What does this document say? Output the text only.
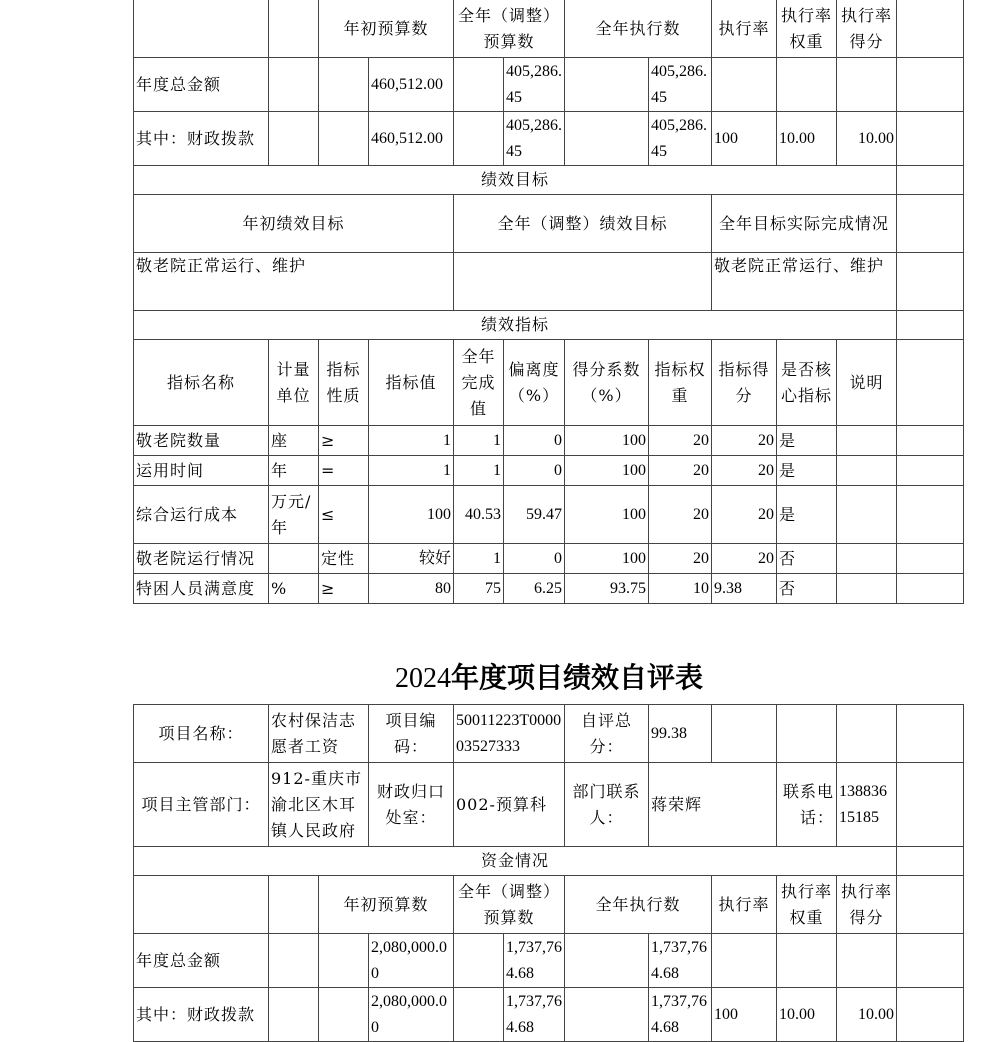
		年初预算数		全年（调整）预算数		全年执行数		执行率	执行率权重	执行率得分	
年度总金额			460,512.00		405,286.45		405,286.45				
其中：财政拨款			460,512.00		405,286.45		405,286.45	100	10.00	10.00	
绩效目标											
年初绩效目标				全年（调整）绩效目标				全年目标实际完成情况			
敬老院正常运行、维护								敬老院正常运行、维护			
绩效指标											
指标名称	计量单位	指标性质	指标值	全年完成值	偏离度（%）	得分系数（%）	指标权重	指标得分	是否核心指标	说明	
敬老院数量	座	≥	1	1	0	100	20	20	是		
运用时间	年	=	1	1	0	100	20	20	是		
综合运行成本	万元/年	≤	100	40.53	59.47	100	20	20	是		
敬老院运行情况		定性	较好	1	0	100	20	20	否		
特困人员满意度	%	≥	80	75	6.25	93.75	10	9.38	否		
2024年度项目绩效自评表
项目名称：	农村保洁志愿者工资		项目编码：	50011223T000003527333		自评总分：	99.38				
项目主管部门：	912-重庆市渝北区木耳镇人民政府		财政归口处室：	002-预算科		部门联系人：	蒋荣辉		联系电话：	13883615185	
资金情况											
		年初预算数		全年（调整）预算数		全年执行数		执行率	执行率权重	执行率得分	
年度总金额			2,080,000.00		1,737,764.68		1,737,764.68				
其中：财政拨款			2,080,000.00		1,737,764.68		1,737,764.68	100	10.00	10.00	
